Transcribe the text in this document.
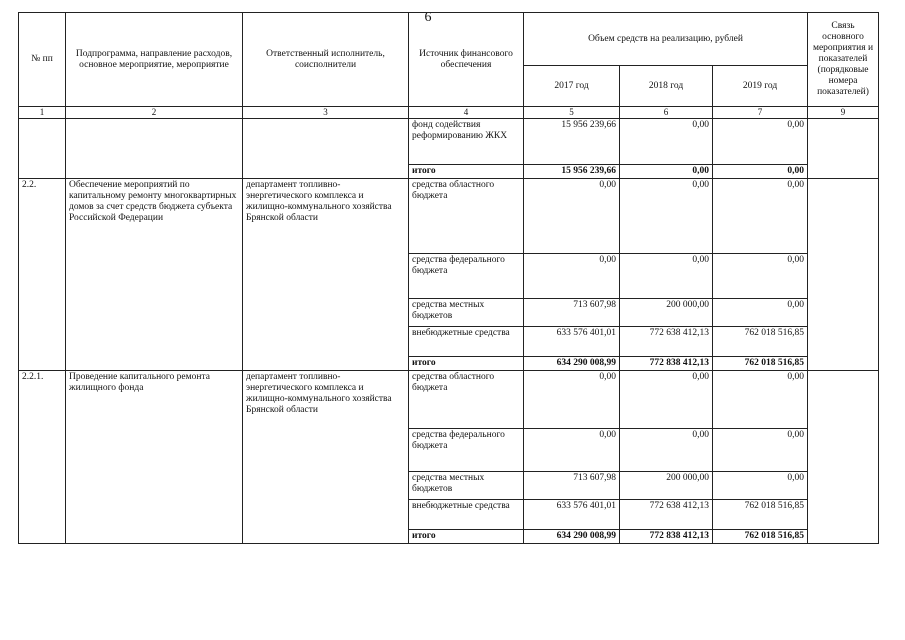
6
№ пп	Подпрограмма, направление расходов, основное мероприятие, мероприятие	Ответственный исполнитель, соисполнители	Источник финансового обеспечения	Объем средств на реализацию, рублей			Связь основного мероприятия и показателей (порядковые номера показателей)
				2017 год	2018 год	2019 год	
1	2	3	4	5	6	7	9
			фонд содействия реформированию ЖКХ	15 956 239,66	0,00	0,00	
			итого	15 956 239,66	0,00	0,00	
2.2.	Обеспечение мероприятий по капитальному ремонту многоквартирных домов за счет средств бюджета субъекта Российской Федерации	департамент топливно-энергетического комплекса и жилищно-коммунального хозяйства Брянской области	средства областного бюджета	0,00	0,00	0,00	
			средства федерального бюджета	0,00	0,00	0,00	
			средства местных бюджетов	713 607,98	200 000,00	0,00	
			внебюджетные средства	633 576 401,01	772 638 412,13	762 018 516,85	
			итого	634 290 008,99	772 838 412,13	762 018 516,85	
2.2.1.	Проведение капитального ремонта жилищного фонда	департамент топливно-энергетического комплекса и жилищно-коммунального хозяйства Брянской области	средства областного бюджета	0,00	0,00	0,00	
			средства федерального бюджета	0,00	0,00	0,00	
			средства местных бюджетов	713 607,98	200 000,00	0,00	
			внебюджетные средства	633 576 401,01	772 638 412,13	762 018 516,85	
			итого	634 290 008,99	772 838 412,13	762 018 516,85	
